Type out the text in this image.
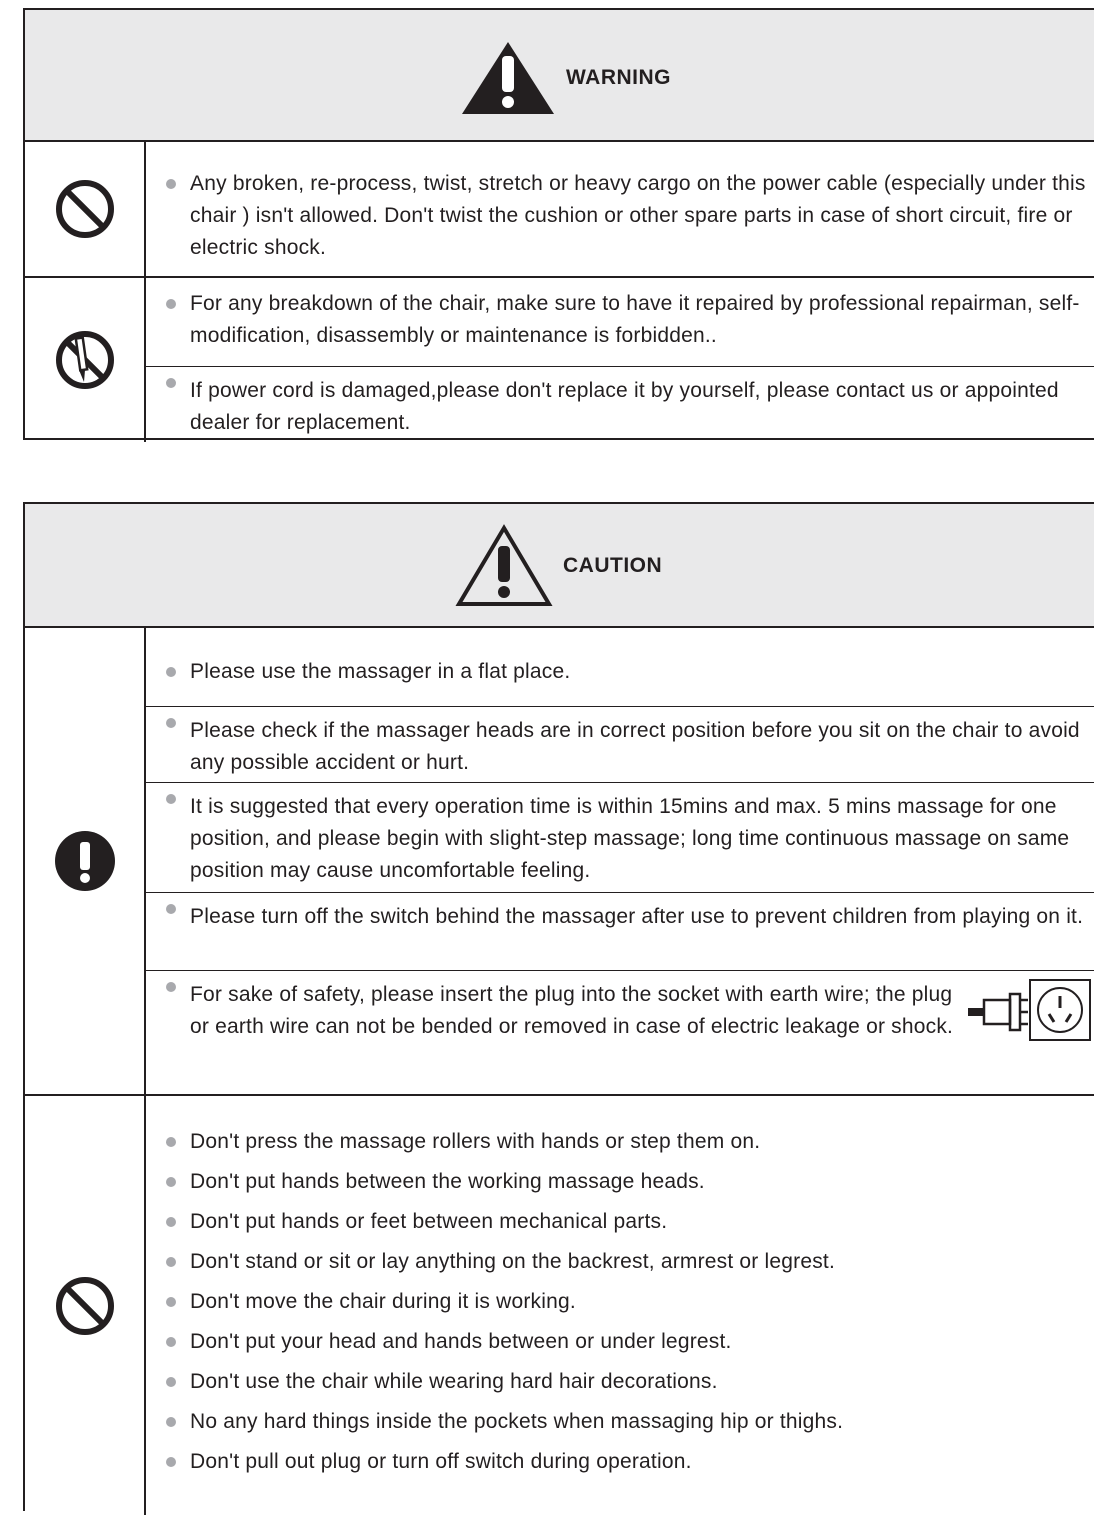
WARNING
Any broken, re-process, twist, stretch or heavy cargo on the power cable (especially under this chair ) isn't allowed. Don't twist the cushion or other spare parts in case of short circuit, fire or electric shock.
For any breakdown of the chair, make sure to have it repaired by professional repairman, self-modification, disassembly or maintenance is forbidden..
If power cord is damaged,please don't replace it by yourself, please contact us or appointed dealer for replacement.
CAUTION
Please use the massager in a flat place.
Please check if the massager heads are in correct position before you sit on the chair to avoid any possible accident or hurt.
It is suggested that every operation time is within 15mins and max. 5 mins massage for one position, and please begin with slight-step massage; long time continuous massage on same position may cause uncomfortable feeling.
Please turn off the switch behind the massager after use to prevent children from playing on it.
For sake of safety, please insert the plug into the socket with earth wire; the plug or earth wire can not be bended or removed in case of electric leakage or shock.
Don't press the massage rollers with hands or step them on.
Don't put hands between the working massage heads.
Don't put hands or feet between mechanical parts.
Don't stand or sit or lay anything on the backrest, armrest or legrest.
Don't move the chair during it is working.
Don't put your head and hands between or under legrest.
Don't use the chair while wearing hard hair decorations.
No any hard things inside the pockets when massaging hip or thighs.
Don't pull out plug or turn off switch during operation.
